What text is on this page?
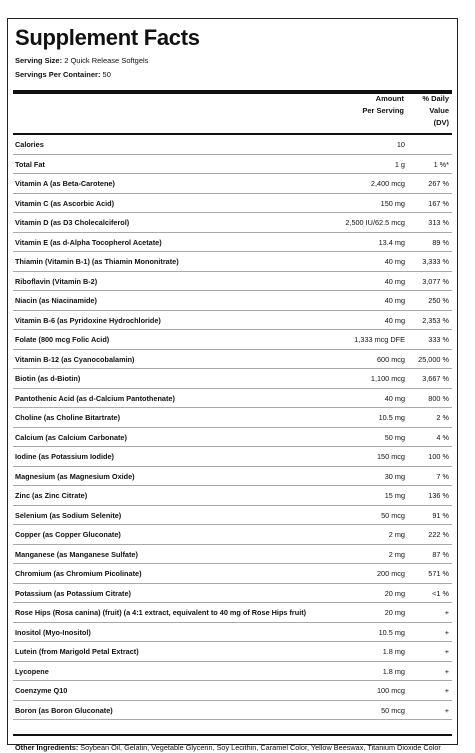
Supplement Facts
Serving Size: 2 Quick Release Softgels
Servings Per Container: 50
Amount
Per Serving
% Daily
Value
(DV)
Calories	10
Total Fat	1 g	1 %*
Vitamin A (as Beta-Carotene)	2,400 mcg	267 %
Vitamin C (as Ascorbic Acid)	150 mg	167 %
Vitamin D (as D3 Cholecalciferol)	2,500 IU/62.5 mcg	313 %
Vitamin E (as d-Alpha Tocopherol Acetate)	13.4 mg	89 %
Thiamin (Vitamin B-1) (as Thiamin Mononitrate)	40 mg 3,333 %
Riboflavin (Vitamin B-2)	40 mg 3,077 %
Niacin (as Niacinamide)	40 mg	250 %
Vitamin B-6 (as Pyridoxine Hydrochloride)	40 mg 2,353 %
Folate (800 mcg Folic Acid)	1,333 mcg DFE	333 %
Vitamin B-12 (as Cyanocobalamin)	600 mcg 25,000 %
Biotin (as d-Biotin)	1,100 mcg 3,667 %
Pantothenic Acid (as d-Calcium Pantothenate)	40 mg	800 %
Choline (as Choline Bitartrate)	10.5 mg	2 %
Calcium (as Calcium Carbonate)	50 mg	4 %
Iodine (as Potassium Iodide)	150 mcg	100 %
Magnesium (as Magnesium Oxide)	30 mg	7 %
Zinc (as Zinc Citrate)	15 mg	136 %
Selenium (as Sodium Selenite)	50 mcg	91 %
Copper (as Copper Gluconate)	2 mg	222 %
Manganese (as Manganese Sulfate)	2 mg	87 %
Chromium (as Chromium Picolinate)	200 mcg	571 %
Potassium (as Potassium Citrate)	20 mg	<1 %
Rose Hips (Rosa canina) (fruit) (a 4:1 extract, equivalent to 40 mg of Rose Hips fruit)	20 mg	+
Inositol (Myo-Inositol)	10.5 mg	+
Lutein (from Marigold Petal Extract)	1.8 mg	+
Lycopene	1.8 mg	+
Coenzyme Q10	100 mcg	+
Boron (as Boron Gluconate)	50 mcg	+
Other Ingredients: Soybean Oil, Gelatin, Vegetable Glycerin, Soy Lecithin, Caramel Color, Yellow Beeswax, Titanium Dioxide Color
